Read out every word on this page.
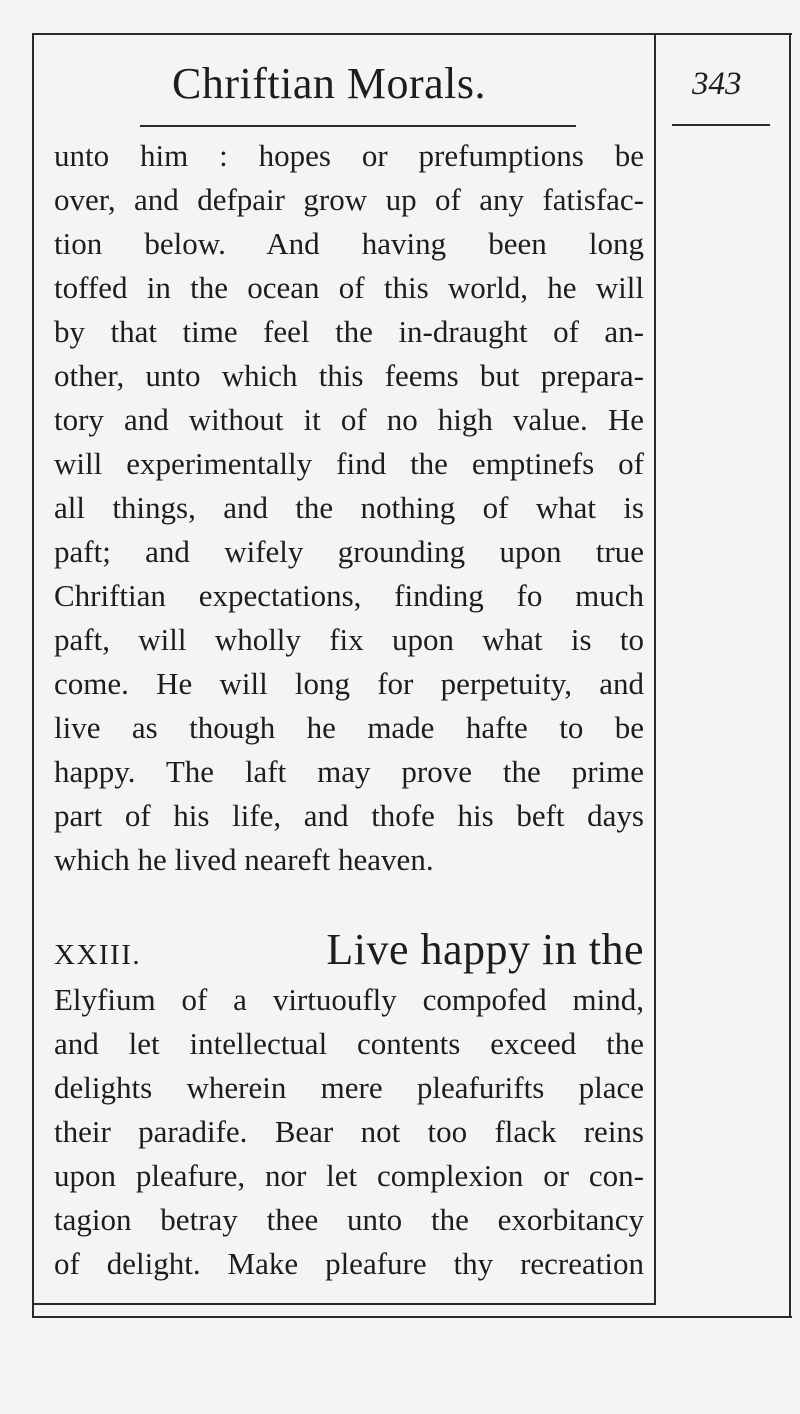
Chriftian Morals.	343
unto him : hopes or prefumptions be
over, and defpair grow up of any fatisfac-
tion below. And having been long
toffed in the ocean of this world, he will
by that time feel the in-draught of an-
other, unto which this feems but prepara-
tory and without it of no high value. He
will experimentally find the emptinefs of
all things, and the nothing of what is
paft; and wifely grounding upon true
Chriftian expectations, finding fo much
paft, will wholly fix upon what is to
come. He will long for perpetuity, and
live as though he made hafte to be
happy. The laft may prove the prime
part of his life, and thofe his beft days
which he lived neareft heaven.
XXIII.	Live happy in the
Elyfium of a virtuoufly compofed mind,
and let intellectual contents exceed the
delights wherein mere pleafurifts place
their paradife. Bear not too flack reins
upon pleafure, nor let complexion or con-
tagion betray thee unto the exorbitancy
of delight. Make pleafure thy recreation
